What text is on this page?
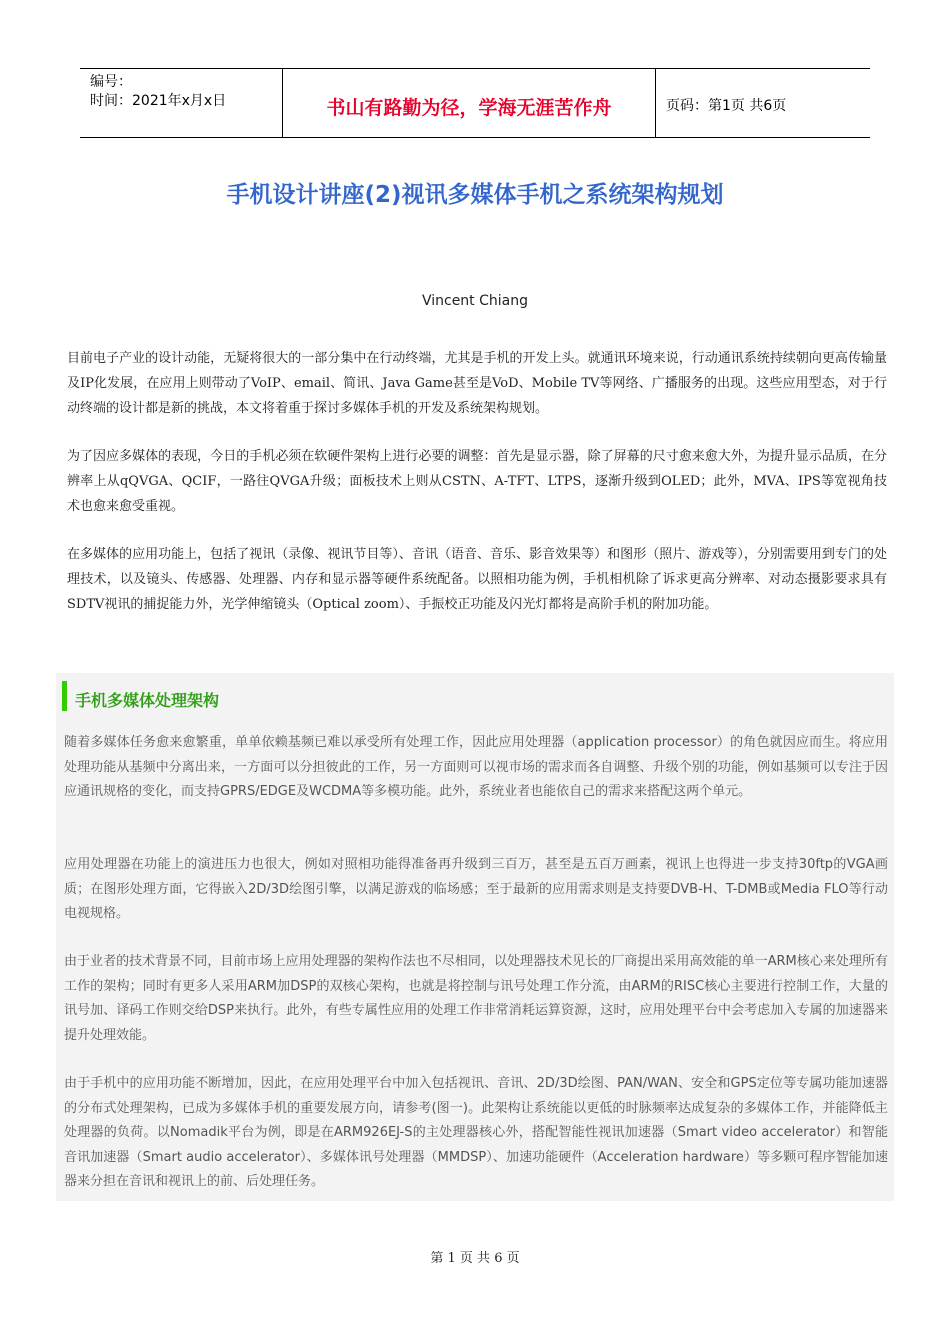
编号：
时间：2021年x月x日	书山有路勤为径，学海无涯苦作舟	页码：第1页 共6页
手机设计讲座(2)视讯多媒体手机之系统架构规划
Vincent Chiang

目前电子产业的设计动能，无疑将很大的一部分集中在行动终端，尤其是手机的开发上头。就通讯环境来说，行动通讯系统持续朝向更高传输量及IP化发展，在应用上则带动了VoIP、email、简讯、Java Game甚至是VoD、Mobile TV等网络、广播服务的出现。这些应用型态，对于行动终端的设计都是新的挑战，本文将着重于探讨多媒体手机的开发及系统架构规划。

为了因应多媒体的表现，今日的手机必须在软硬件架构上进行必要的调整：首先是显示器，除了屏幕的尺寸愈来愈大外，为提升显示品质，在分辨率上从qQVGA、QCIF，一路往QVGA升级；面板技术上则从CSTN、A-TFT、LTPS，逐渐升级到OLED；此外，MVA、IPS等宽视角技术也愈来愈受重视。

在多媒体的应用功能上，包括了视讯（录像、视讯节目等）、音讯（语音、音乐、影音效果等）和图形（照片、游戏等），分别需要用到专门的处理技术，以及镜头、传感器、处理器、内存和显示器等硬件系统配备。以照相功能为例，手机相机除了诉求更高分辨率、对动态摄影要求具有SDTV视讯的捕捉能力外，光学伸缩镜头（Optical zoom）、手振校正功能及闪光灯都将是高阶手机的附加功能。

手机多媒体处理架构

随着多媒体任务愈来愈繁重，单单依赖基频已难以承受所有处理工作，因此应用处理器（application processor）的角色就因应而生。将应用处理功能从基频中分离出来，一方面可以分担彼此的工作，另一方面则可以视市场的需求而各自调整、升级个别的功能，例如基频可以专注于因应通讯规格的变化，而支持GPRS/EDGE及WCDMA等多模功能。此外，系统业者也能依自己的需求来搭配这两个单元。

应用处理器在功能上的演进压力也很大，例如对照相功能得准备再升级到三百万，甚至是五百万画素，视讯上也得进一步支持30ftp的VGA画质；在图形处理方面，它得嵌入2D/3D绘图引擎，以满足游戏的临场感；至于最新的应用需求则是支持要DVB-H、T-DMB或Media FLO等行动电视规格。

由于业者的技术背景不同，目前市场上应用处理器的架构作法也不尽相同，以处理器技术见长的厂商提出采用高效能的单一ARM核心来处理所有工作的架构；同时有更多人采用ARM加DSP的双核心架构，也就是将控制与讯号处理工作分流，由ARM的RISC核心主要进行控制工作，大量的讯号加、译码工作则交给DSP来执行。此外，有些专属性应用的处理工作非常消耗运算资源，这时，应用处理平台中会考虑加入专属的加速器来提升处理效能。

由于手机中的应用功能不断增加，因此，在应用处理平台中加入包括视讯、音讯、2D/3D绘图、PAN/WAN、安全和GPS定位等专属功能加速器的分布式处理架构，已成为多媒体手机的重要发展方向，请参考(图一)。此架构让系统能以更低的时脉频率达成复杂的多媒体工作，并能降低主处理器的负荷。以Nomadik平台为例，即是在ARM926EJ-S的主处理器核心外，搭配智能性视讯加速器（Smart video accelerator）和智能音讯加速器（Smart audio accelerator）、多媒体讯号处理器（MMDSP）、加速功能硬件（Acceleration hardware）等多颗可程序智能加速器来分担在音讯和视讯上的前、后处理任务。

第 1 页 共 6 页
